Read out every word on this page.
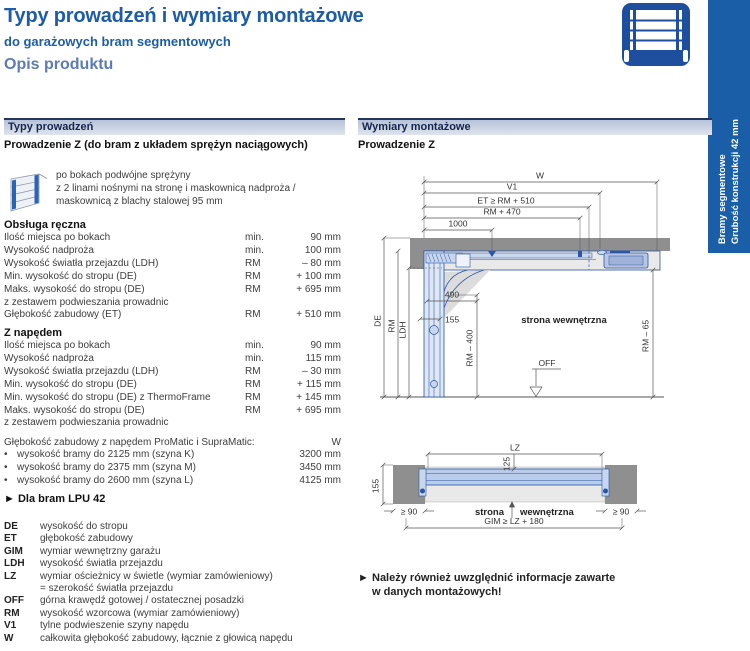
Typy prowadzeń i wymiary montażowe
do garażowych bram segmentowych
Opis produktu
Bramy segmentowe Grubość konstrukcji 42 mm
Typy prowadzeń
Prowadzenie Z (do bram z układem sprężyn naciągowych)
po bokach podwójne sprężyny
z 2 linami nośnymi na stronę i maskownicą nadproża /
maskownicą z blachy stalowej 95 mm
Obsługa ręczna
Ilość miejsca po bokach	min.	90 mm
Wysokość nadproża	min.	100 mm
Wysokość światła przejazdu (LDH)	RM	– 80 mm
Min. wysokość do stropu (DE)	RM	+ 100 mm
Maks. wysokość do stropu (DE)	RM	+ 695 mm
z zestawem podwieszania prowadnic
Głębokość zabudowy (ET)	RM	+ 510 mm
Z napędem
Ilość miejsca po bokach	min.	90 mm
Wysokość nadproża	min.	115 mm
Wysokość światła przejazdu (LDH)	RM	– 30 mm
Min. wysokość do stropu (DE)	RM	+ 115 mm
Min. wysokość do stropu (DE) z ThermoFrame	RM	+ 145 mm
Maks. wysokość do stropu (DE)	RM	+ 695 mm
z zestawem podwieszania prowadnic
Głębokość zabudowy z napędem ProMatic i SupraMatic:	W
• wysokość bramy do 2125 mm (szyna K)	3200 mm
• wysokość bramy do 2375 mm (szyna M)	3450 mm
• wysokość bramy do 2600 mm (szyna L)	4125 mm
► Dla bram LPU 42
DE	wysokość do stropu
ET	głębokość zabudowy
GIM	wymiar wewnętrzny garażu
LDH	wysokość światła przejazdu
LZ	wymiar ościeżnicy w świetle (wymiar zamówieniowy)
= szerokość światła przejazdu
OFF	górna krawędź gotowej / ostatecznej posadzki
RM	wysokość wzorcowa (wymiar zamówieniowy)
V1	tylne podwieszenie szyny napędu
W	całkowita głębokość zabudowy, łącznie z głowicą napędu
Wymiary montażowe
Prowadzenie Z
W
V1
ET ≥ RM + 510
RM + 470
1000
490
155
DE RM LDH	RM – 400	RM – 65
strona wewnętrzna
OFF
LZ
125
155
≥ 90	≥ 90
strona wewnętrzna
GIM ≥ LZ + 180
► Należy również uwzględnić informacje zawarte
w danych montażowych!
